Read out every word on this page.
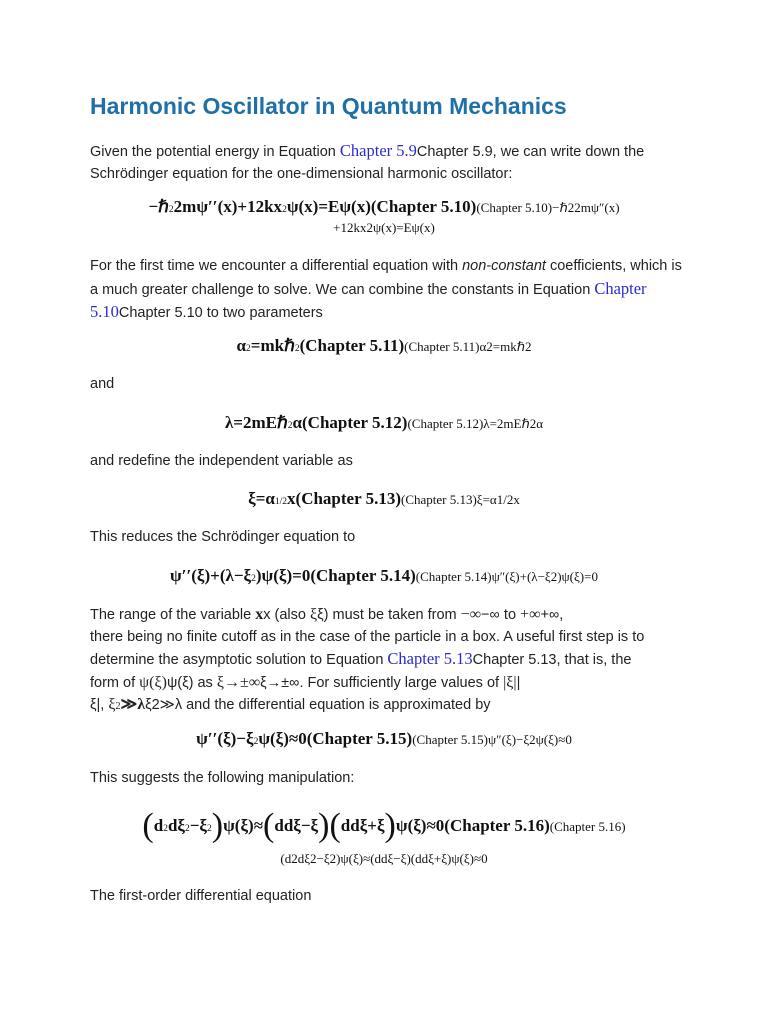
Harmonic Oscillator in Quantum Mechanics

Given the potential energy in Equation Chapter 5.9Chapter 5.9, we can write down the Schrödinger equation for the one-dimensional harmonic oscillator:

−ℏ22mψ′′(x)+12kx2ψ(x)=Eψ(x)(Chapter 5.10)(Chapter 5.10)−ℏ22mψ″(x)
+12kx2ψ(x)=Eψ(x)

For the first time we encounter a differential equation with non-constant coefficients, which is a much greater challenge to solve. We can combine the constants in Equation Chapter 5.10Chapter 5.10 to two parameters

α2=mkℏ2(Chapter 5.11)(Chapter 5.11)α2=mkℏ2

and

λ=2mEℏ2α(Chapter 5.12)(Chapter 5.12)λ=2mEℏ2α

and redefine the independent variable as

ξ=α1/2x(Chapter 5.13)(Chapter 5.13)ξ=α1/2x

This reduces the Schrödinger equation to

ψ′′(ξ)+(λ−ξ2)ψ(ξ)=0(Chapter 5.14)(Chapter 5.14)ψ″(ξ)+(λ−ξ2)ψ(ξ)=0
The range of the variable xx (also ξξ) must be taken from −∞−∞ to +∞+∞,
there being no finite cutoff as in the case of the particle in a box. A useful first step is to
determine the asymptotic solution to Equation Chapter 5.13Chapter 5.13, that is, the
form of ψ(ξ)ψ(ξ) as ξ→±∞ξ→±∞. For sufficiently large values of |ξ||
ξ|, ξ2≫λξ2≫λ and the differential equation is approximated by
ψ′′(ξ)−ξ2ψ(ξ)≈0(Chapter 5.15)(Chapter 5.15)ψ″(ξ)−ξ2ψ(ξ)≈0

This suggests the following manipulation:

(d2dξ2−ξ2)ψ(ξ)≈(ddξ−ξ)(ddξ+ξ)ψ(ξ)≈0(Chapter 5.16)(Chapter 5.16)
(d2dξ2−ξ2)ψ(ξ)≈(ddξ−ξ)(ddξ+ξ)ψ(ξ)≈0

The first-order differential equation
